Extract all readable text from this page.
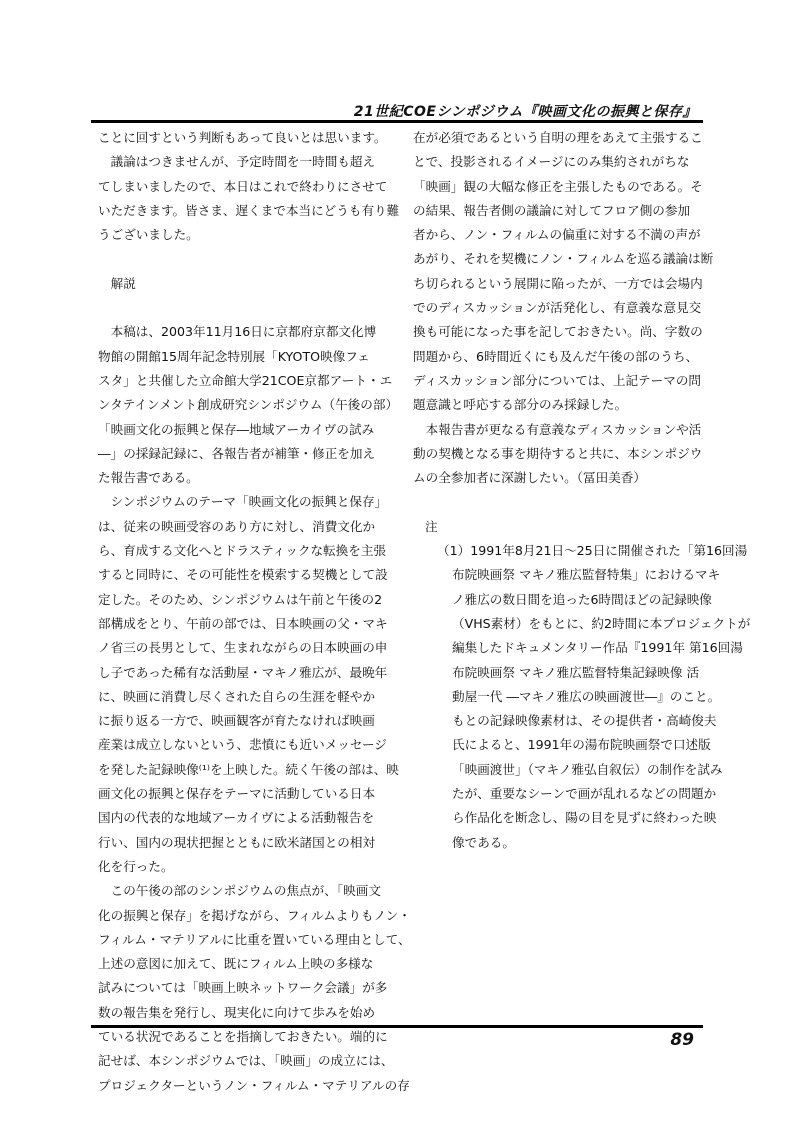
21世紀COEシンポジウム『映画文化の振興と保存』
ことに回すという判断もあって良いとは思います。
　議論はつきませんが、予定時間を一時間も超え
てしまいましたので、本日はこれで終わりにさせて
いただきます。皆さま、遅くまで本当にどうも有り難
うございました。
　解説
　本稿は、2003年11月16日に京都府京都文化博
物館の開館15周年記念特別展「KYOTO映像フェ
スタ」と共催した立命館大学21COE京都アート・エ
ンタテインメント創成研究シンポジウム（午後の部）
「映画文化の振興と保存―地域アーカイヴの試み
―」の採録記録に、各報告者が補筆・修正を加え
た報告書である。
　シンポジウムのテーマ「映画文化の振興と保存」
は、従来の映画受容のあり方に対し、消費文化か
ら、育成する文化へとドラスティックな転換を主張
すると同時に、その可能性を模索する契機として設
定した。そのため、シンポジウムは午前と午後の2
部構成をとり、午前の部では、日本映画の父・マキ
ノ省三の長男として、生まれながらの日本映画の申
し子であった稀有な活動屋・マキノ雅広が、最晩年
に、映画に消費し尽くされた自らの生涯を軽やか
に振り返る一方で、映画観客が育たなければ映画
産業は成立しないという、悲憤にも近いメッセージ
を発した記録映像⁽¹⁾を上映した。続く午後の部は、映
画文化の振興と保存をテーマに活動している日本
国内の代表的な地域アーカイヴによる活動報告を
行い、国内の現状把握とともに欧米諸国との相対
化を行った。
　この午後の部のシンポジウムの焦点が、「映画文
化の振興と保存」を掲げながら、フィルムよりもノン・
フィルム・マテリアルに比重を置いている理由として、
上述の意図に加えて、既にフィルム上映の多様な
試みについては「映画上映ネットワーク会議」が多
数の報告集を発行し、現実化に向けて歩みを始め
ている状況であることを指摘しておきたい。端的に
記せば、本シンポジウムでは、「映画」の成立には、
プロジェクターというノン・フィルム・マテリアルの存
在が必須であるという自明の理をあえて主張するこ
とで、投影されるイメージにのみ集約されがちな
「映画」観の大幅な修正を主張したものである。そ
の結果、報告者側の議論に対してフロア側の参加
者から、ノン・フィルムの偏重に対する不満の声が
あがり、それを契機にノン・フィルムを巡る議論は断
ち切られるという展開に陥ったが、一方では会場内
でのディスカッションが活発化し、有意義な意見交
換も可能になった事を記しておきたい。尚、字数の
問題から、6時間近くにも及んだ午後の部のうち、
ディスカッション部分については、上記テーマの問
題意識と呼応する部分のみ採録した。
　本報告書が更なる有意義なディスカッションや活
動の契機となる事を期待すると共に、本シンポジウ
ムの全参加者に深謝したい。（冨田美香）
注
（1）1991年8月21日～25日に開催された「第16回湯
布院映画祭 マキノ雅広監督特集」におけるマキ
ノ雅広の数日間を追った6時間ほどの記録映像
（VHS素材）をもとに、約2時間に本プロジェクトが
編集したドキュメンタリー作品『1991年 第16回湯
布院映画祭 マキノ雅広監督特集記録映像 活
動屋一代 ―マキノ雅広の映画渡世―』のこと。
もとの記録映像素材は、その提供者・高崎俊夫
氏によると、1991年の湯布院映画祭で口述版
「映画渡世」（マキノ雅弘自叙伝）の制作を試み
たが、重要なシーンで画が乱れるなどの問題か
ら作品化を断念し、陽の目を見ずに終わった映
像である。
89
